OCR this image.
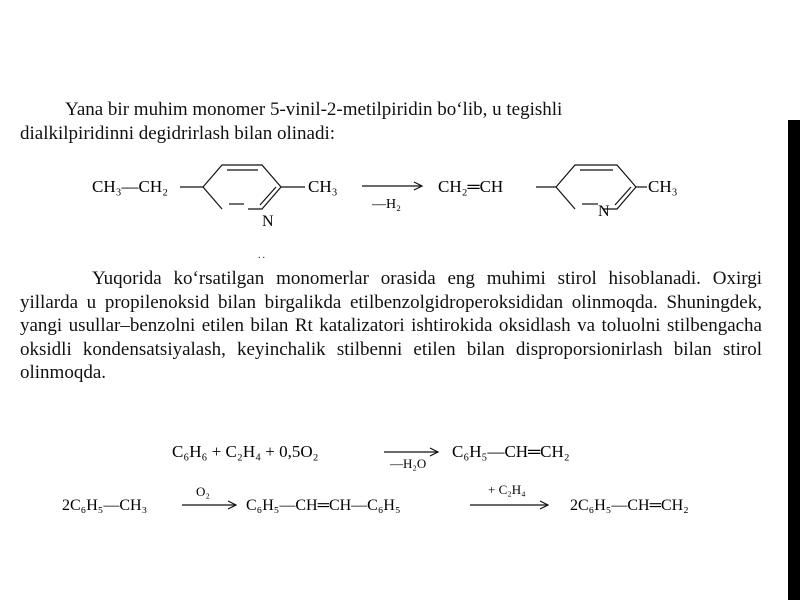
Yana bir muhim monomer 5-vinil-2-metilpiridin bo‘lib, u tegishli

dialkilpiridinni degidrirlash bilan olinadi:

CH₃—CH₂
N
CH₃
—H₂
CH₂═CH
N
CH₃
..

Yuqorida ko‘rsatilgan monomerlar orasida eng muhimi stirol hisoblanadi. Oxirgi yillarda u propilenoksid bilan birgalikda etilbenzolgidroperoksididan olinmoqda. Shuningdek, yangi usullar–benzolni etilen bilan Rt katalizatori ishtirokida oksidlash va toluolni stilbengacha oksidli kondensatsiyalash, keyinchalik stilbenni etilen bilan disproporsionirlash bilan stirol olinmoqda.

C₆H₆ + C₂H₄ + 0,5O₂
—H₂O
C₆H₅—CH═CH₂
2C₆H₅—CH₃
O₂
C₆H₅—CH═CH—C₆H₅
+ C₂H₄
2C₆H₅—CH═CH₂
